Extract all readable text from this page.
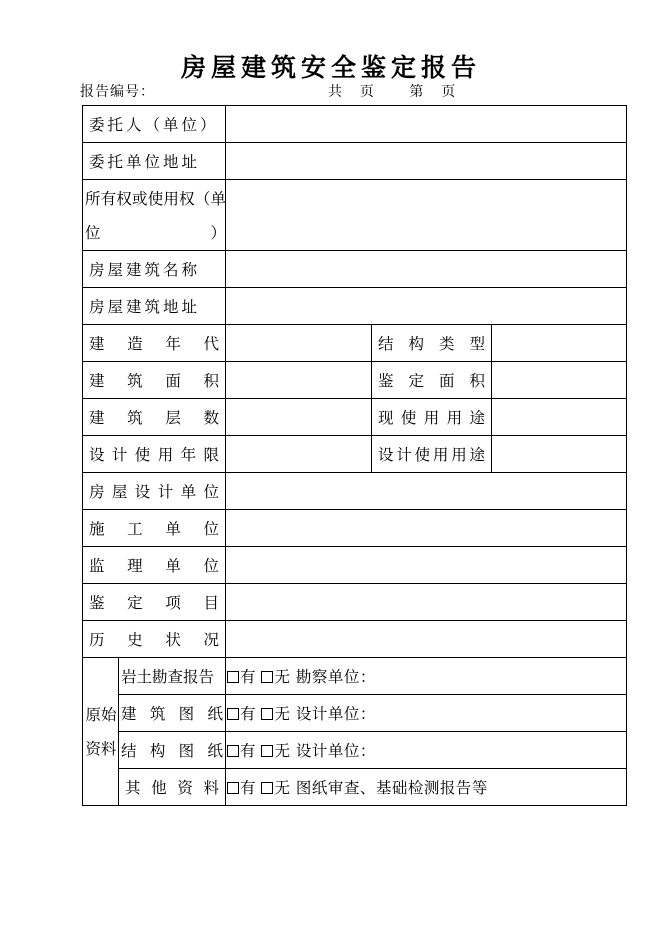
房屋建筑安全鉴定报告
报告编号：	共 页	第 页
委托人（单位）				
委托单位地址				

所有权或使用权（单位）				

房屋建筑名称				
房屋建筑地址				
建造年代			结构类型	
建筑面积			鉴定面积	
建筑层数			现使用用途	
设计使用年限			设计使用用途	
房屋设计单位				
施工单位				
监理单位				
鉴定项目				
历史状况				
原始资料	岩土勘查报告	有 无 勘察单位：		
	建筑图纸	有 无 设计单位：		
	结构图纸	有 无 设计单位：		
	其他资料	有 无 图纸审查、基础检测报告等		
